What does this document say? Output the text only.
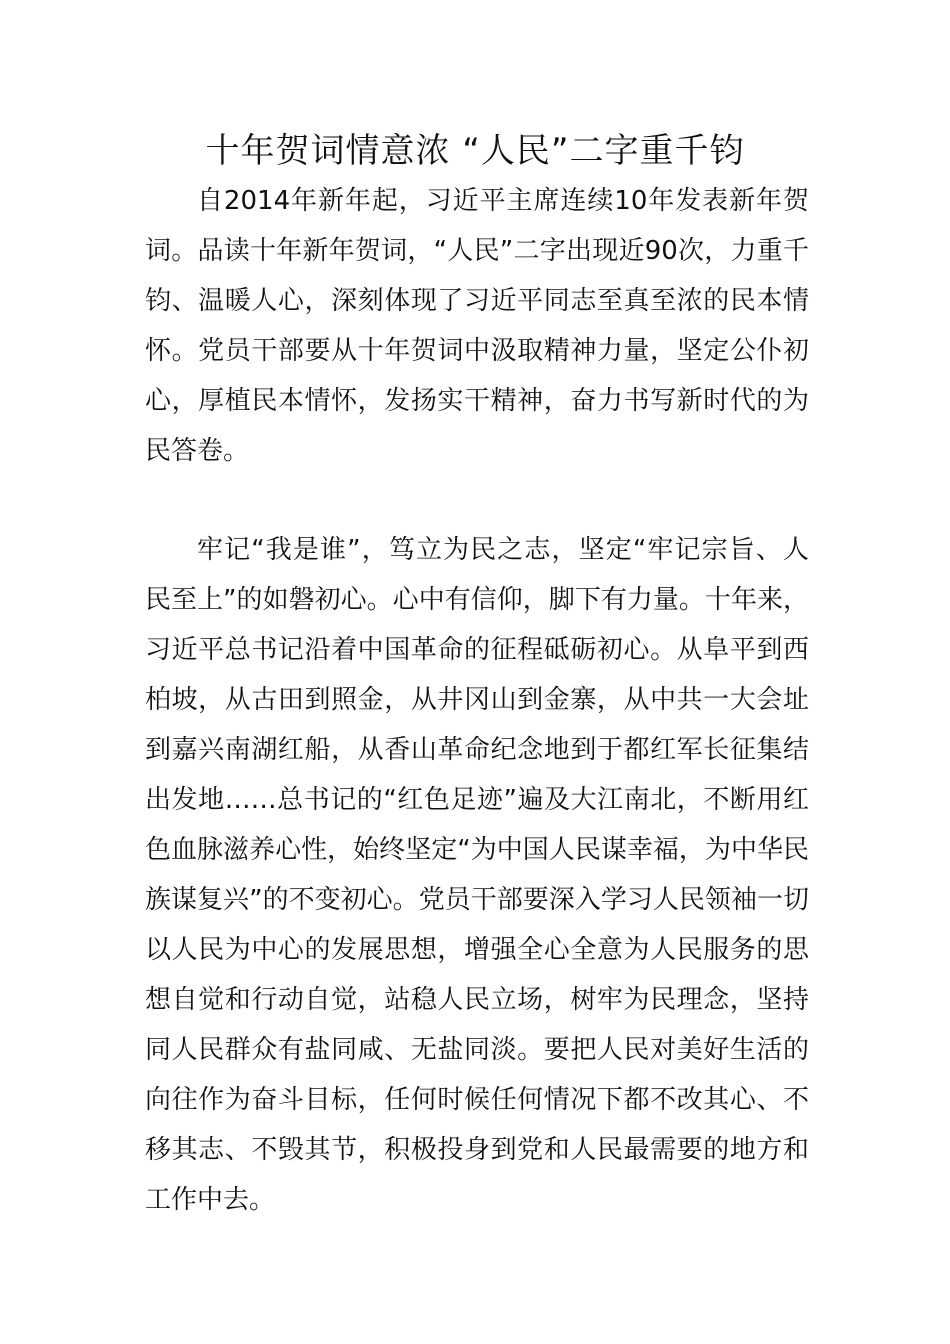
十年贺词情意浓 “人民”二字重千钧

自2014年新年起，习近平主席连续10年发表新年贺词。品读十年新年贺词，“人民”二字出现近90次，力重千钧、温暖人心，深刻体现了习近平同志至真至浓的民本情怀。党员干部要从十年贺词中汲取精神力量，坚定公仆初心，厚植民本情怀，发扬实干精神，奋力书写新时代的为民答卷。

牢记“我是谁”，笃立为民之志，坚定“牢记宗旨、人民至上”的如磐初心。心中有信仰，脚下有力量。十年来，习近平总书记沿着中国革命的征程砥砺初心。从阜平到西柏坡，从古田到照金，从井冈山到金寨，从中共一大会址到嘉兴南湖红船，从香山革命纪念地到于都红军长征集结出发地……总书记的“红色足迹”遍及大江南北，不断用红色血脉滋养心性，始终坚定“为中国人民谋幸福，为中华民族谋复兴”的不变初心。党员干部要深入学习人民领袖一切以人民为中心的发展思想，增强全心全意为人民服务的思想自觉和行动自觉，站稳人民立场，树牢为民理念，坚持同人民群众有盐同咸、无盐同淡。要把人民对美好生活的向往作为奋斗目标，任何时候任何情况下都不改其心、不移其志、不毁其节，积极投身到党和人民最需要的地方和工作中去。
